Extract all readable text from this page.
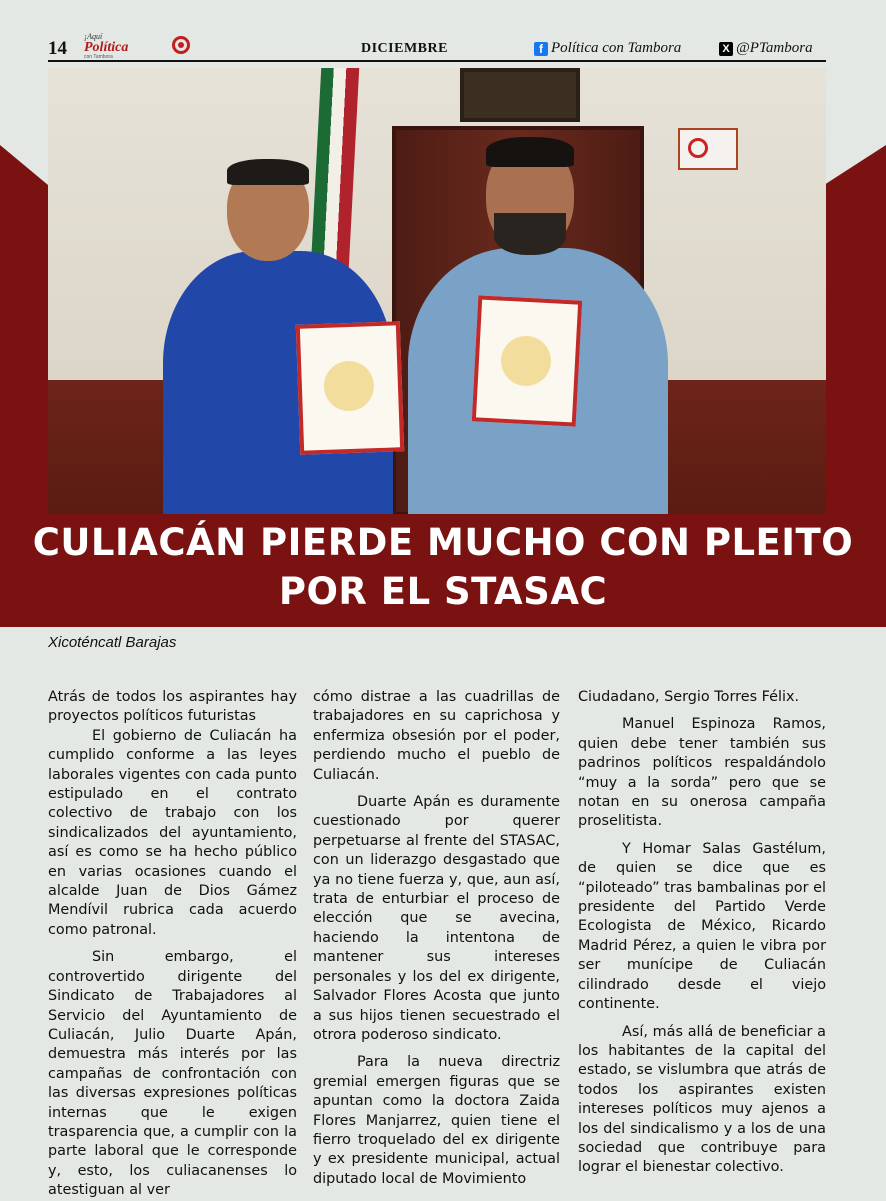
14
¡Aquí
Política
con Tambora
DICIEMBRE	f Política con Tambora	X @PTambora
CULIACÁN PIERDE MUCHO CON PLEITO
POR EL STASAC
Xicoténcatl Barajas

Atrás de todos los aspirantes hay proyectos políticos futuristas

El gobierno de Culiacán ha cumplido conforme a las leyes laborales vigentes con cada punto estipulado en el contrato colectivo de trabajo con los sindicalizados del ayuntamiento, así es como se ha hecho público en varias ocasiones cuando el alcalde Juan de Dios Gámez Mendívil rubrica cada acuerdo como patronal.

Sin embargo, el controvertido dirigente del Sindicato de Trabajadores al Servicio del Ayuntamiento de Culiacán, Julio Duarte Apán, demuestra más interés por las campañas de confrontación con las diversas expresiones políticas internas que le exigen trasparencia que, a cumplir con la parte laboral que le corresponde y, esto, los culiacanenses lo atestiguan al ver

cómo distrae a las cuadrillas de trabajadores en su caprichosa y enfermiza obsesión por el poder, perdiendo mucho el pueblo de Culiacán.

Duarte Apán es duramente cuestionado por querer perpetuarse al frente del STASAC, con un liderazgo desgastado que ya no tiene fuerza y, que, aun así, trata de enturbiar el proceso de elección que se avecina, haciendo la intentona de mantener sus intereses personales y los del ex dirigente, Salvador Flores Acosta que junto a sus hijos tienen secuestrado el otrora poderoso sindicato.

Para la nueva directriz gremial emergen figuras que se apuntan como la doctora Zaida Flores Manjarrez, quien tiene el fierro troquelado del ex dirigente y ex presidente municipal, actual diputado local de Movimiento

Ciudadano, Sergio Torres Félix.

Manuel Espinoza Ramos, quien debe tener también sus padrinos políticos respaldándolo “muy a la sorda” pero que se notan en su onerosa campaña proselitista.

Y Homar Salas Gastélum, de quien se dice que es “piloteado” tras bambalinas por el presidente del Partido Verde Ecologista de México, Ricardo Madrid Pérez, a quien le vibra por ser munícipe de Culiacán cilindrado desde el viejo continente.

Así, más allá de beneficiar a los habitantes de la capital del estado, se vislumbra que atrás de todos los aspirantes existen intereses políticos muy ajenos a los del sindicalismo y a los de una sociedad que contribuye para lograr el bienestar colectivo.
